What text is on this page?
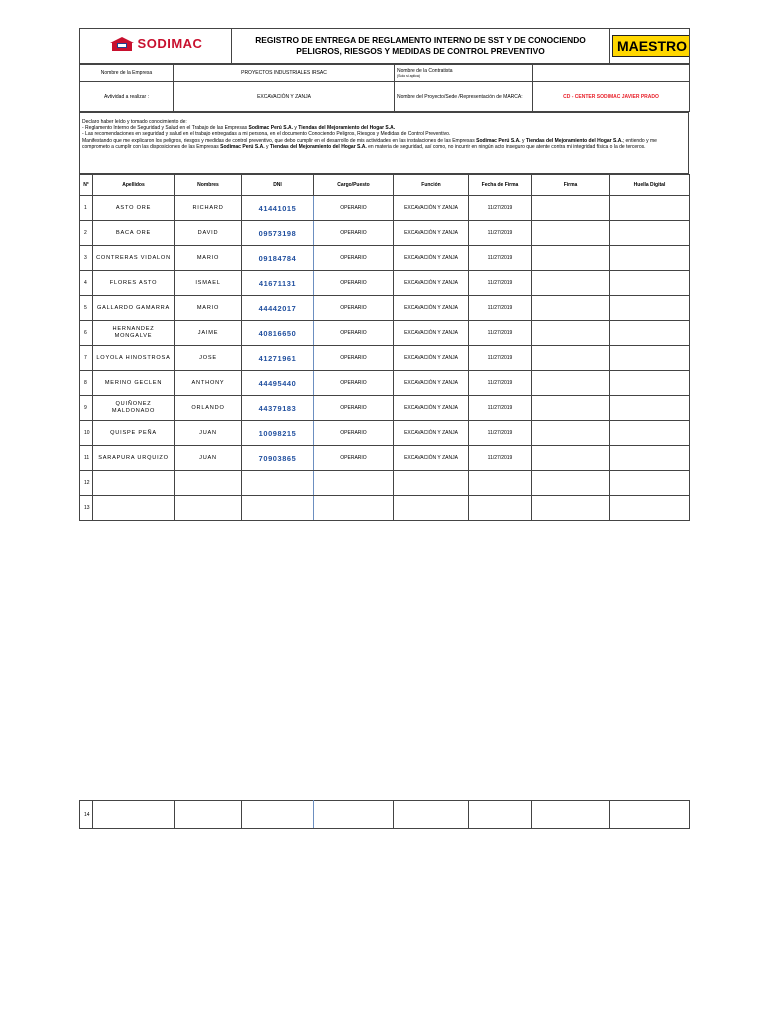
SODIMAC	REGISTRO DE ENTREGA DE REGLAMENTO INTERNO DE SST Y DE CONOCIENDO PELIGROS, RIESGOS Y MEDIDAS DE CONTROL PREVENTIVO	MAESTRO
Nombre de la Empresa	PROYECTOS INDUSTRIALES IRSAC	Nombre de la Contratista
(Solo si aplica)	

Avtividad a realizar :	EXCAVACIÓN Y ZANJA	Nombre del Proyecto/Sede /Representación de MARCA:	CD - CENTER SODIMAC JAVIER PRADO
Declaro haber leído y tomado conocimiento de:
- Reglamento Interno de Seguridad y Salud en el Trabajo de las Empresas Sodimac Perú S.A. y Tiendas del Mejoramiento del Hogar S.A.
- Las recomendaciones en seguridad y salud en el trabajo entregadas a mi persona, en el documento Conociendo Peligros, Riesgos y Medidas de Control Preventivo.
Manifestando que me explicaron los peligros, riesgos y medidas de control preventivo, que debo cumplir en el desarrollo de mis actividades en las instalaciones de las Empresas Sodimac Perú S.A. y Tiendas del Mejoramiento del Hogar S.A.; entiendo y me comprometo a cumplir con las disposiciones de las Empresas Sodimac Perú S.A. y Tiendas del Mejoramiento del Hogar S.A. en materia de seguridad, así como, no incurrir en ningún acto inseguro que atente contra mi integridad física o la de terceros.
N°	Apellidos	Nombres	DNI	Cargo/Puesto	Función	Fecha de Firma	Firma	Huella Digital
1	ASTO ORE	RICHARD	41441015	OPERARIO	EXCAVACIÓN Y ZANJA	11/27/2019		
2	BACA ORE	DAVID	09573198	OPERARIO	EXCAVACIÓN Y ZANJA	11/27/2019		
3	CONTRERAS VIDALON	MARIO	09184784	OPERARIO	EXCAVACIÓN Y ZANJA	11/27/2019		
4	FLORES ASTO	ISMAEL	41671131	OPERARIO	EXCAVACIÓN Y ZANJA	11/27/2019		
5	GALLARDO GAMARRA	MARIO	44442017	OPERARIO	EXCAVACIÓN Y ZANJA	11/27/2019		
6	HERNANDEZ MONGALVE	JAIME	40816650	OPERARIO	EXCAVACIÓN Y ZANJA	11/27/2019		
7	LOYOLA HINOSTROSA	JOSE	41271961	OPERARIO	EXCAVACIÓN Y ZANJA	11/27/2019		
8	MERINO GECLEN	ANTHONY	44495440	OPERARIO	EXCAVACIÓN Y ZANJA	11/27/2019		
9	QUIÑONEZ MALDONADO	ORLANDO	44379183	OPERARIO	EXCAVACIÓN Y ZANJA	11/27/2019		
10	QUISPE PEÑA	JUAN	10098215	OPERARIO	EXCAVACIÓN Y ZANJA	11/27/2019		
11	SARAPURA URQUIZO	JUAN	70903865	OPERARIO	EXCAVACIÓN Y ZANJA	11/27/2019		
12								
13								
14								
